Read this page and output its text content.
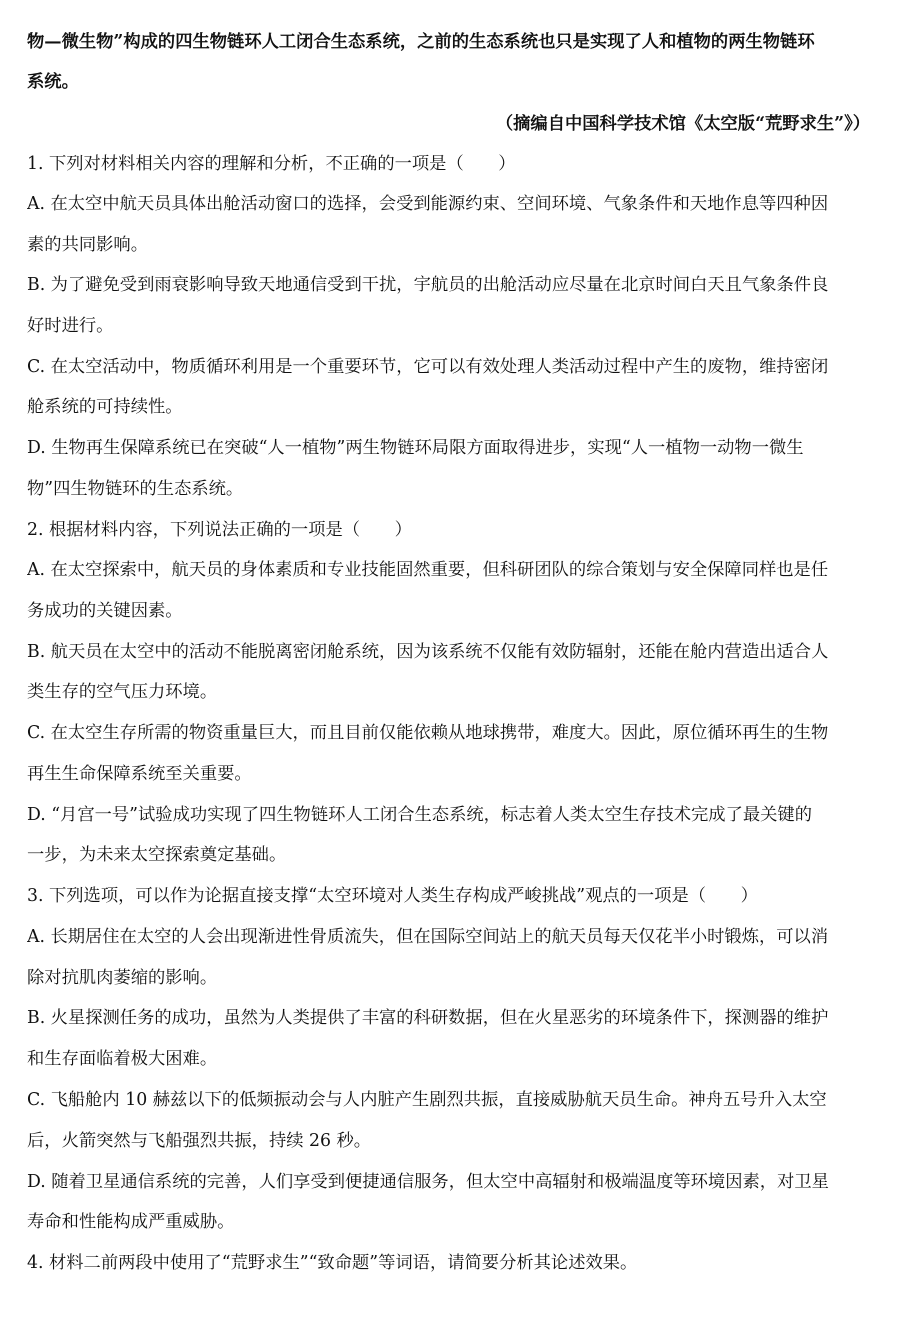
物—微生物”构成的四生物链环人工闭合生态系统，之前的生态系统也只是实现了人和植物的两生物链环
系统。
（摘编自中国科学技术馆《太空版“荒野求生”》）
1. 下列对材料相关内容的理解和分析，不正确的一项是（　　）
A. 在太空中航天员具体出舱活动窗口的选择，会受到能源约束、空间环境、气象条件和天地作息等四种因
素的共同影响。
B. 为了避免受到雨衰影响导致天地通信受到干扰，宇航员的出舱活动应尽量在北京时间白天且气象条件良
好时进行。
C. 在太空活动中，物质循环利用是一个重要环节，它可以有效处理人类活动过程中产生的废物，维持密闭
舱系统的可持续性。
D. 生物再生保障系统已在突破“人一植物”两生物链环局限方面取得进步，实现“人一植物一动物一微生
物”四生物链环的生态系统。
2. 根据材料内容，下列说法正确的一项是（　　）
A. 在太空探索中，航天员的身体素质和专业技能固然重要，但科研团队的综合策划与安全保障同样也是任
务成功的关键因素。
B. 航天员在太空中的活动不能脱离密闭舱系统，因为该系统不仅能有效防辐射，还能在舱内营造出适合人
类生存的空气压力环境。
C. 在太空生存所需的物资重量巨大，而且目前仅能依赖从地球携带，难度大。因此，原位循环再生的生物
再生生命保障系统至关重要。
D. “月宫一号”试验成功实现了四生物链环人工闭合生态系统，标志着人类太空生存技术完成了最关键的
一步，为未来太空探索奠定基础。
3. 下列选项，可以作为论据直接支撑“太空环境对人类生存构成严峻挑战”观点的一项是（　　）
A. 长期居住在太空的人会出现渐进性骨质流失，但在国际空间站上的航天员每天仅花半小时锻炼，可以消
除对抗肌肉萎缩的影响。
B. 火星探测任务的成功，虽然为人类提供了丰富的科研数据，但在火星恶劣的环境条件下，探测器的维护
和生存面临着极大困难。
C. 飞船舱内 10 赫兹以下的低频振动会与人内脏产生剧烈共振，直接威胁航天员生命。神舟五号升入太空
后，火箭突然与飞船强烈共振，持续 26 秒。
D. 随着卫星通信系统的完善，人们享受到便捷通信服务，但太空中高辐射和极端温度等环境因素，对卫星
寿命和性能构成严重威胁。
4. 材料二前两段中使用了“荒野求生”“致命题”等词语，请简要分析其论述效果。
